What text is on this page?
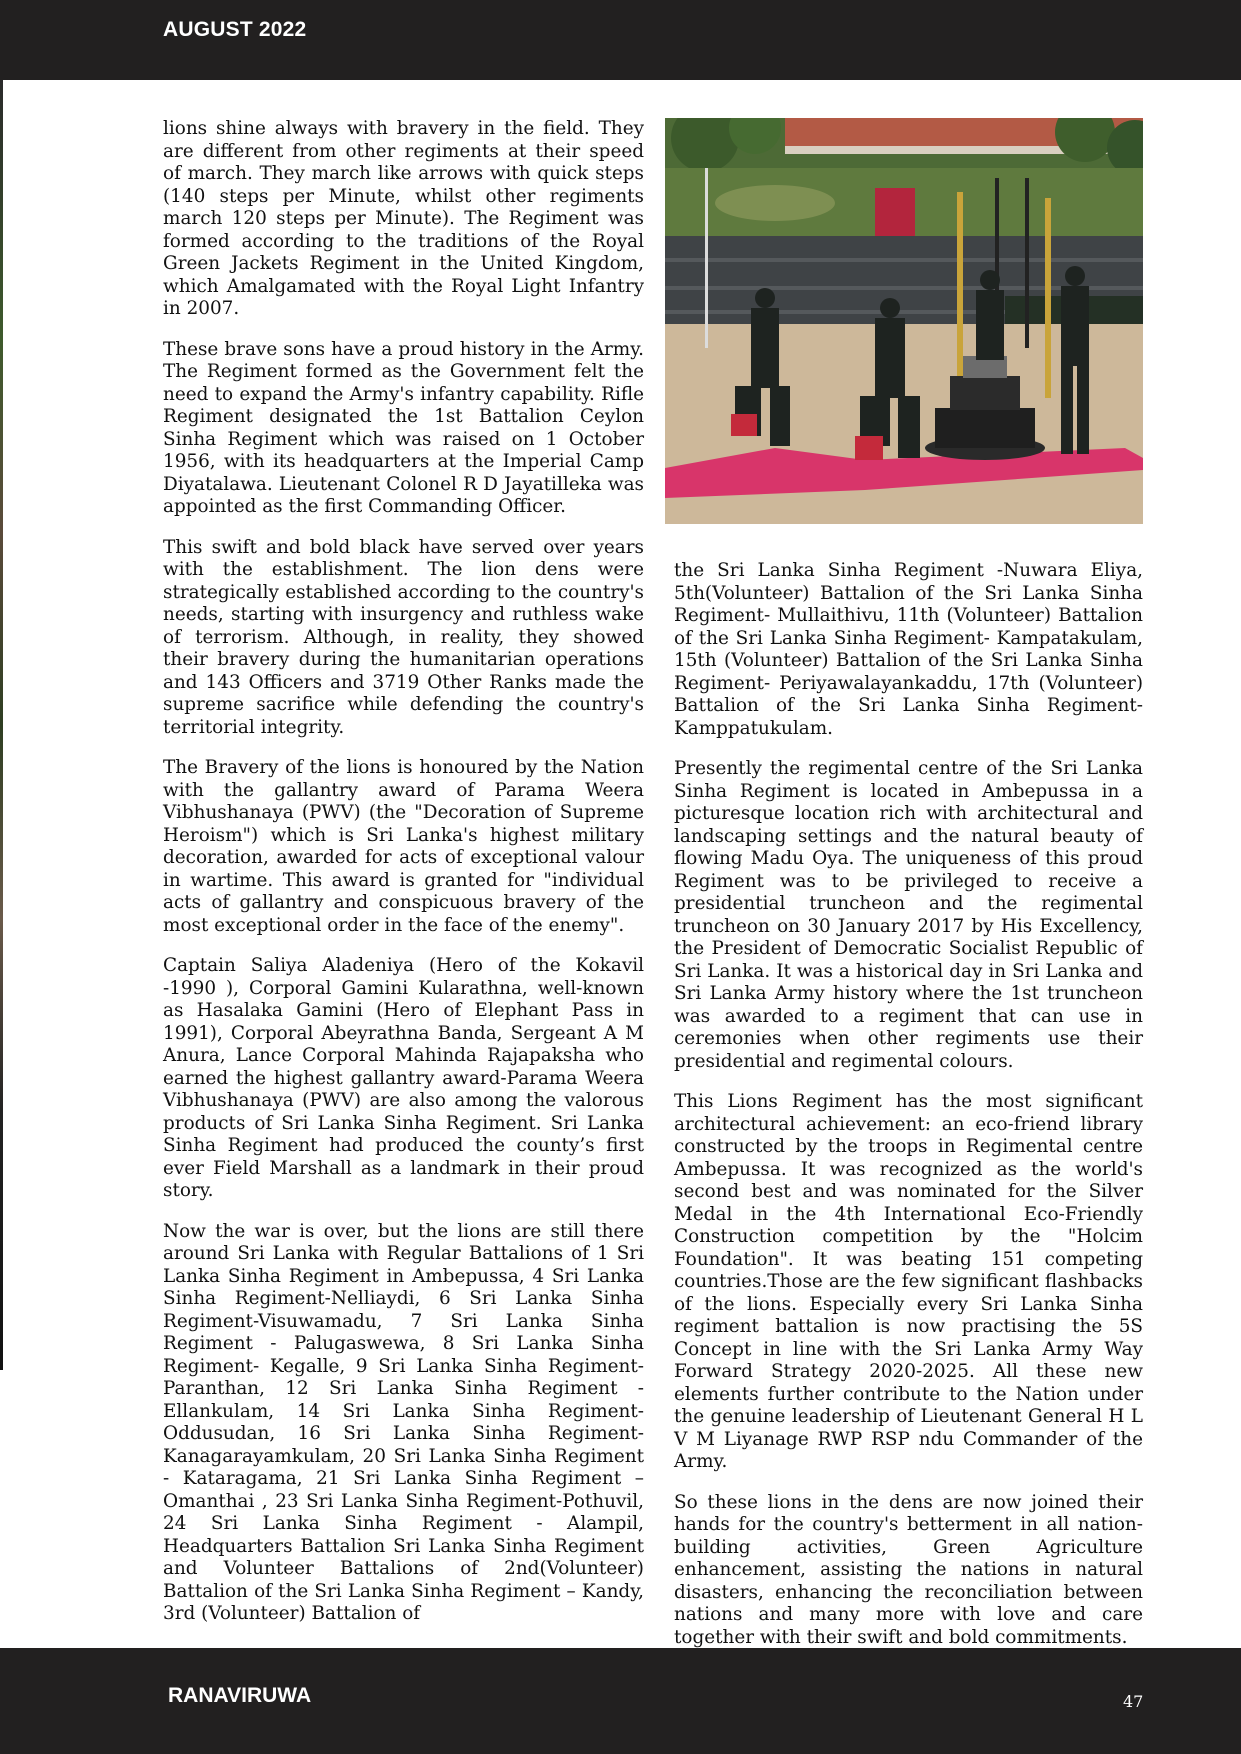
AUGUST 2022

lions shine always with bravery in the field. They are different from other regiments at their speed of march. They march like arrows with quick steps (140 steps per Minute, whilst other regiments march 120 steps per Minute). The Regiment was formed according to the traditions of the Royal Green Jackets Regiment in the United Kingdom, which Amalgamated with the Royal Light Infantry in 2007.

These brave sons have a proud history in the Army. The Regiment formed as the Government felt the need to expand the Army's infantry capability. Rifle Regiment designated the 1st Battalion Ceylon Sinha Regiment which was raised on 1 October 1956, with its headquarters at the Imperial Camp Diyatalawa. Lieutenant Colonel R D Jayatilleka was appointed as the first Commanding Officer.

This swift and bold black have served over years with the establishment. The lion dens were strategically established according to the country's needs, starting with insurgency and ruthless wake of terrorism. Although, in reality, they showed their bravery during the humanitarian operations and 143 Officers and 3719 Other Ranks made the supreme sacrifice while defending the country's territorial integrity.

The Bravery of the lions is honoured by the Nation with the gallantry award of Parama Weera Vibhushanaya (PWV) (the "Decoration of Supreme Heroism") which is Sri Lanka's highest military decoration, awarded for acts of exceptional valour in wartime. This award is granted for "individual acts of gallantry and conspicuous bravery of the most exceptional order in the face of the enemy".

Captain Saliya Aladeniya (Hero of the Kokavil -1990 ), Corporal Gamini Kularathna, well-known as Hasalaka Gamini (Hero of Elephant Pass in 1991), Corporal Abeyrathna Banda, Sergeant A M Anura, Lance Corporal Mahinda Rajapaksha who earned the highest gallantry award-Parama Weera Vibhushanaya (PWV) are also among the valorous products of Sri Lanka Sinha Regiment. Sri Lanka Sinha Regiment had produced the county’s first ever Field Marshall as a landmark in their proud story.

Now the war is over, but the lions are still there around Sri Lanka with Regular Battalions of 1 Sri Lanka Sinha Regiment in Ambepussa, 4 Sri Lanka Sinha Regiment-Nelliaydi, 6 Sri Lanka Sinha Regiment-Visuwamadu, 7 Sri Lanka Sinha Regiment - Palugaswewa, 8 Sri Lanka Sinha Regiment- Kegalle, 9 Sri Lanka Sinha Regiment-Paranthan, 12 Sri Lanka Sinha Regiment - Ellankulam, 14 Sri Lanka Sinha Regiment- Oddusudan, 16 Sri Lanka Sinha Regiment- Kanagarayamkulam, 20 Sri Lanka Sinha Regiment - Kataragama, 21 Sri Lanka Sinha Regiment – Omanthai , 23 Sri Lanka Sinha Regiment-Pothuvil, 24 Sri Lanka Sinha Regiment - Alampil, Headquarters Battalion Sri Lanka Sinha Regiment and Volunteer Battalions of 2nd(Volunteer) Battalion of the Sri Lanka Sinha Regiment – Kandy, 3rd (Volunteer) Battalion of

the Sri Lanka Sinha Regiment -Nuwara Eliya, 5th(Volunteer) Battalion of the Sri Lanka Sinha Regiment- Mullaithivu, 11th (Volunteer) Battalion of the Sri Lanka Sinha Regiment- Kampatakulam, 15th (Volunteer) Battalion of the Sri Lanka Sinha Regiment- Periyawalayankaddu, 17th (Volunteer) Battalion of the Sri Lanka Sinha Regiment- Kamppatukulam.

Presently the regimental centre of the Sri Lanka Sinha Regiment is located in Ambepussa in a picturesque location rich with architectural and landscaping settings and the natural beauty of flowing Madu Oya. The uniqueness of this proud Regiment was to be privileged to receive a presidential truncheon and the regimental truncheon on 30 January 2017 by His Excellency, the President of Democratic Socialist Republic of Sri Lanka. It was a historical day in Sri Lanka and Sri Lanka Army history where the 1st truncheon was awarded to a regiment that can use in ceremonies when other regiments use their presidential and regimental colours.

This Lions Regiment has the most significant architectural achievement: an eco-friend library constructed by the troops in Regimental centre Ambepussa. It was recognized as the world's second best and was nominated for the Silver Medal in the 4th International Eco-Friendly Construction competition by the "Holcim Foundation". It was beating 151 competing countries.Those are the few significant flashbacks of the lions. Especially every Sri Lanka Sinha regiment battalion is now practising the 5S Concept in line with the Sri Lanka Army Way Forward Strategy 2020-2025. All these new elements further contribute to the Nation under the genuine leadership of Lieutenant General H L V M Liyanage RWP RSP ndu Commander of the Army.

So these lions in the dens are now joined their hands for the country's betterment in all nation-building activities, Green Agriculture enhancement, assisting the nations in natural disasters, enhancing the reconciliation between nations and many more with love and care together with their swift and bold commitments.

RANAVIRUWA	47
